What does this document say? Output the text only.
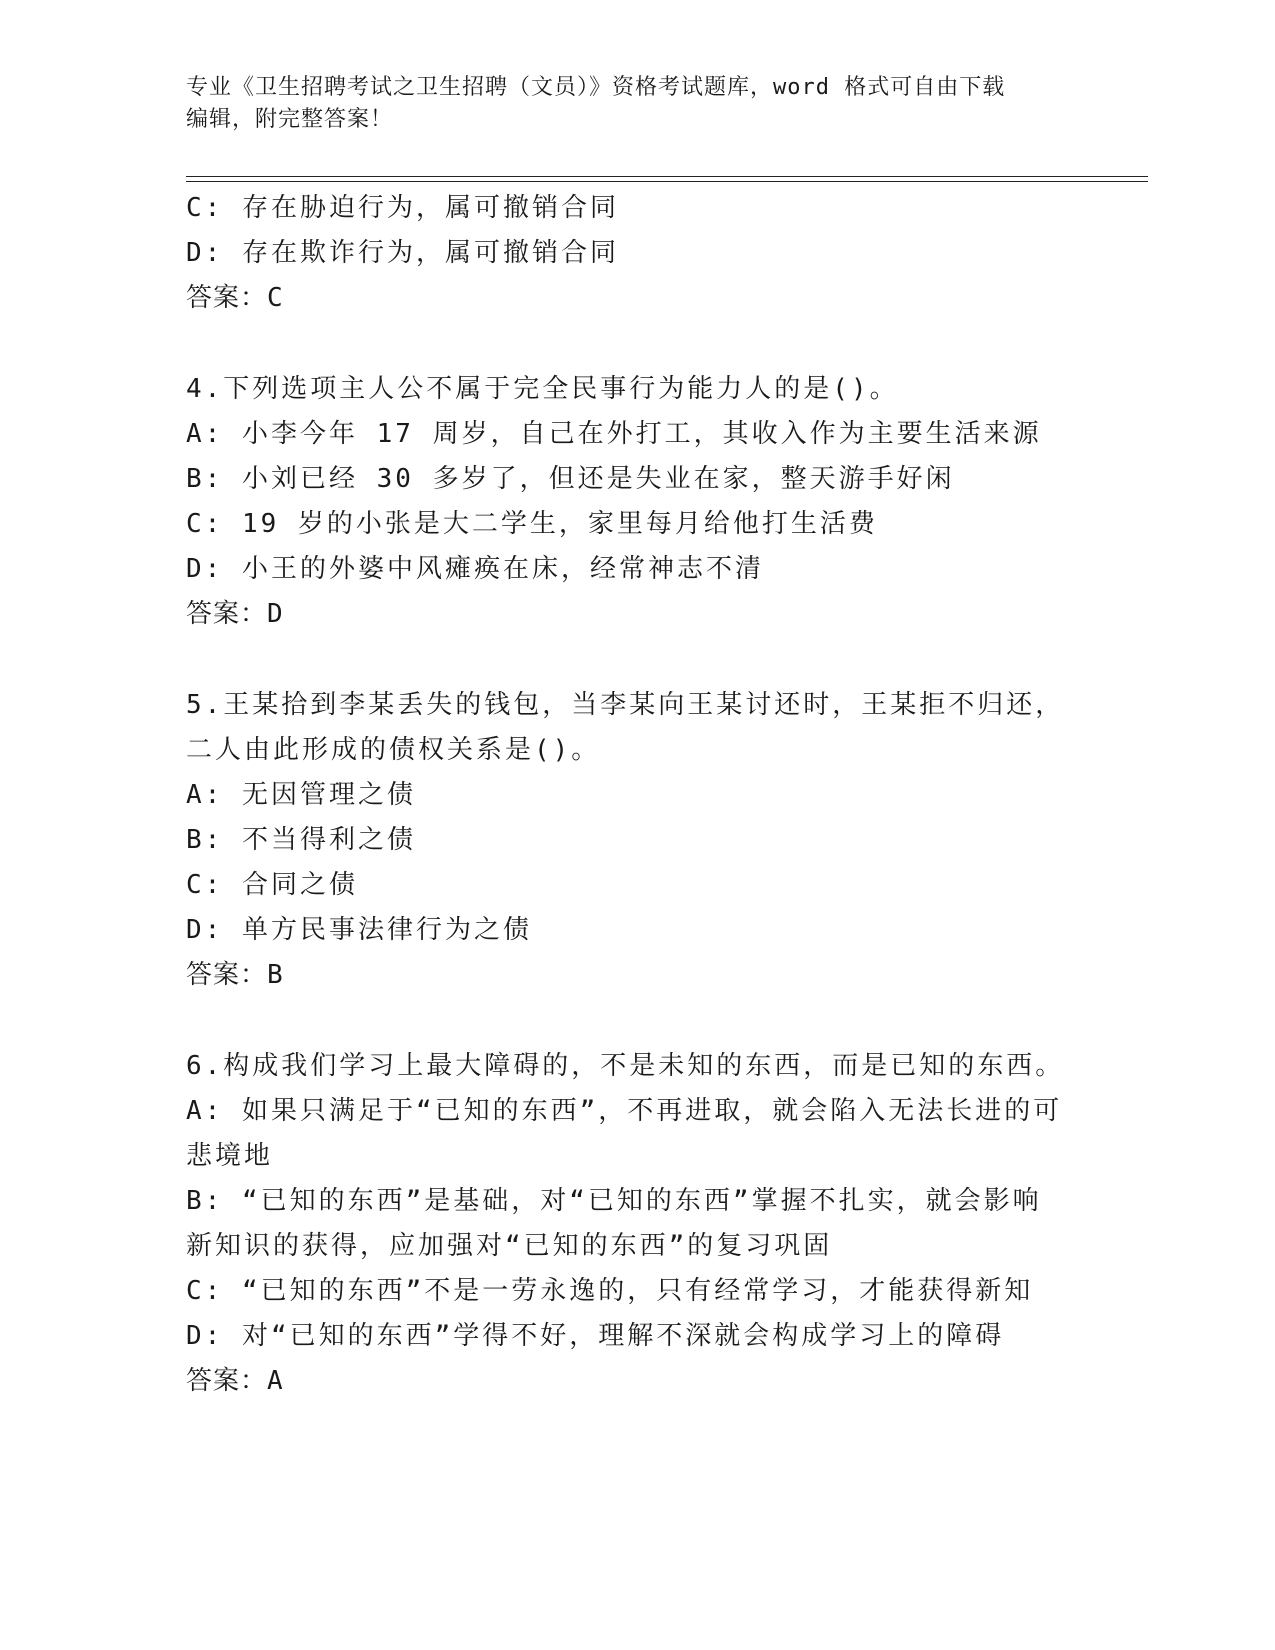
专业《卫生招聘考试之卫生招聘（文员）》资格考试题库，word 格式可自由下载
编辑，附完整答案！
C: 存在胁迫行为，属可撤销合同
D: 存在欺诈行为，属可撤销合同
答案：C
4.下列选项主人公不属于完全民事行为能力人的是()。
A: 小李今年 17 周岁，自己在外打工，其收入作为主要生活来源
B: 小刘已经 30 多岁了，但还是失业在家，整天游手好闲
C: 19 岁的小张是大二学生，家里每月给他打生活费
D: 小王的外婆中风瘫痪在床，经常神志不清
答案：D
5.王某拾到李某丢失的钱包，当李某向王某讨还时，王某拒不归还，
二人由此形成的债权关系是()。
A: 无因管理之债
B: 不当得利之债
C: 合同之债
D: 单方民事法律行为之债
答案：B
6.构成我们学习上最大障碍的，不是未知的东西，而是已知的东西。
A: 如果只满足于“已知的东西”，不再进取，就会陷入无法长进的可
悲境地
B: “已知的东西”是基础，对“已知的东西”掌握不扎实，就会影响
新知识的获得，应加强对“已知的东西”的复习巩固
C: “已知的东西”不是一劳永逸的，只有经常学习，才能获得新知
D: 对“已知的东西”学得不好，理解不深就会构成学习上的障碍
答案：A
